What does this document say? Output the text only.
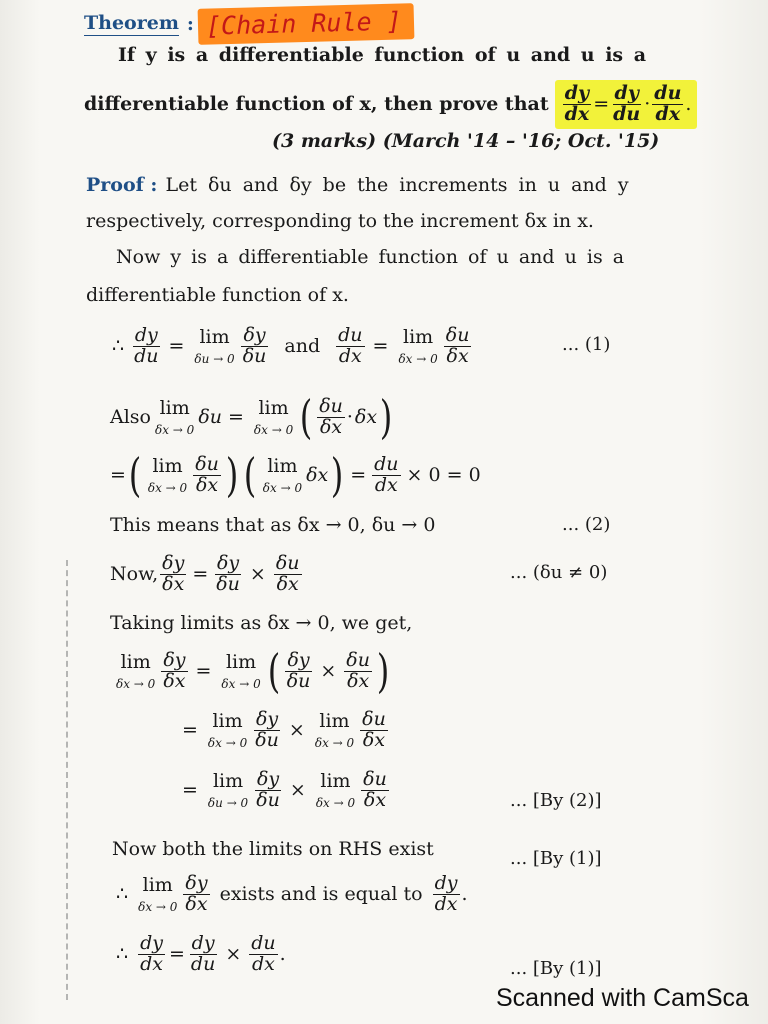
Theorem : [Chain Rule ]
If y is a differentiable function of u and u is a
differentiable function of x, then prove that $\frac{dy}{dx} = \frac{dy}{du} \cdot \frac{du}{dx}$ .
(3 marks) (March '14 – '16; Oct. '15)
Proof : Let δu and δy be the increments in u and y
respectively, corresponding to the increment δx in x.
Now y is a differentiable function of u and u is a
differentiable function of x.
∴ $\frac{dy}{du} = \lim$
$\delta u \to 0 \frac{\delta y}{\delta u}$ and $\frac{du}{dx} = \lim$
$\delta x \to 0 \frac{\delta u}{\delta x}$	... (1)
Also lim
δx → 0
δu = lim
δx → 0 ( $\frac{\delta u}{\delta x} \cdot \delta x$ )
= ( lim
$\delta x \to 0 \frac{\delta u}{\delta x}$ ) ( lim
δx → 0
δx ) = $\frac{du}{dx} \times 0 = 0$
This means that as δx → 0, δu → 0	... (2)
Now, $\frac{\delta y}{\delta x} = \frac{\delta y}{\delta u} \times \frac{\delta u}{\delta x}$	... (δu ≠ 0)
Taking limits as δx → 0, we get,
lim
$\delta x \to 0 \frac{\delta y}{\delta x} = \lim$
δx → 0 ( $\frac{\delta y}{\delta u} \times \frac{\delta u}{\delta x}$ )
= lim
$\delta x \to 0 \frac{\delta y}{\delta u} \times \lim$
$\delta x \to 0 \frac{\delta u}{\delta x}$
= lim
$\delta u \to 0 \frac{\delta y}{\delta u} \times \lim$
$\delta x \to 0 \frac{\delta u}{\delta x}$	... [By (2)]
Now both the limits on RHS exist	... [By (1)]
∴ lim
$\delta x \to 0 \frac{\delta y}{\delta x}$ exists and is equal to $\frac{dy}{dx}$ .
∴ $\frac{dy}{dx} = \frac{dy}{du} \times \frac{du}{dx}$ .
... [By (1)]
Scanned with CamSca
